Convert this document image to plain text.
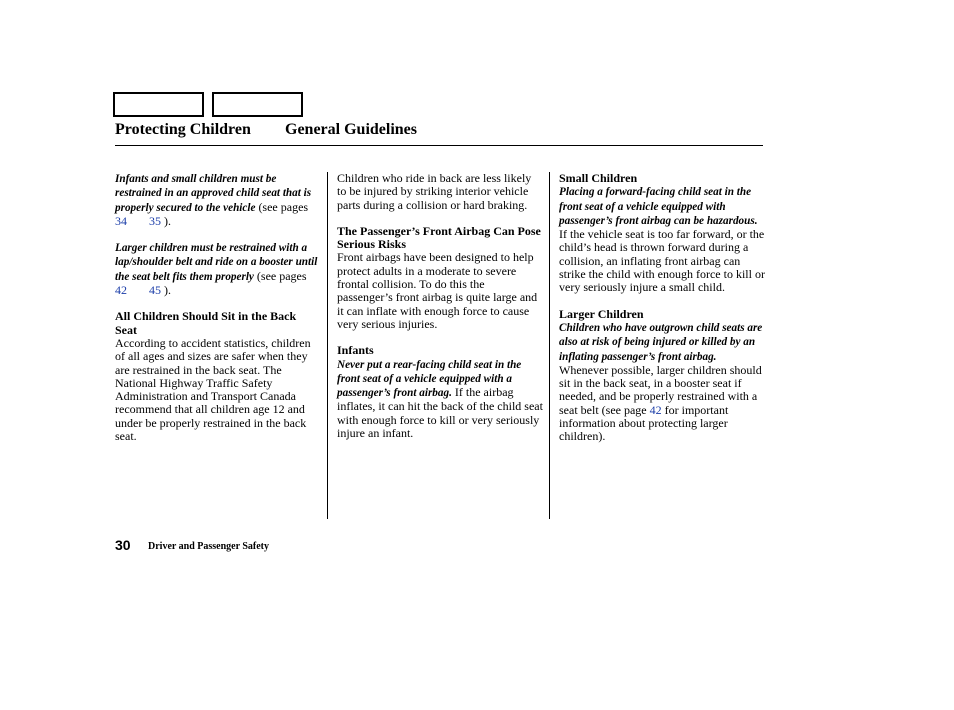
Protecting Children General Guidelines

Infants and small children must be restrained in an approved child seat that is properly secured to the vehicle (see pages 34 35 ).

Larger children must be restrained with a lap/shoulder belt and ride on a booster until the seat belt fits them properly (see pages 42 45 ).

All Children Should Sit in the Back Seat

According to accident statistics, children of all ages and sizes are safer when they are restrained in the back seat. The National Highway Traffic Safety Administration and Transport Canada recommend that all children age 12 and under be properly restrained in the back seat.

Children who ride in back are less likely to be injured by striking interior vehicle parts during a collision or hard braking.

The Passenger’s Front Airbag Can Pose Serious Risks

Front airbags have been designed to help protect adults in a moderate to severe frontal collision. To do this the passenger’s front airbag is quite large and it can inflate with enough force to cause very serious injuries.

Infants

Never put a rear-facing child seat in the front seat of a vehicle equipped with a passenger’s front airbag. If the airbag inflates, it can hit the back of the child seat with enough force to kill or very seriously injure an infant.

Small Children

Placing a forward-facing child seat in the front seat of a vehicle equipped with passenger’s front airbag can be hazardous. If the vehicle seat is too far forward, or the child’s head is thrown forward during a collision, an inflating front airbag can strike the child with enough force to kill or very seriously injure a small child.

Larger Children

Children who have outgrown child seats are also at risk of being injured or killed by an inflating passenger’s front airbag. Whenever possible, larger children should sit in the back seat, in a booster seat if needed, and be properly restrained with a seat belt (see page 42 for important information about protecting larger children).

30 Driver and Passenger Safety
